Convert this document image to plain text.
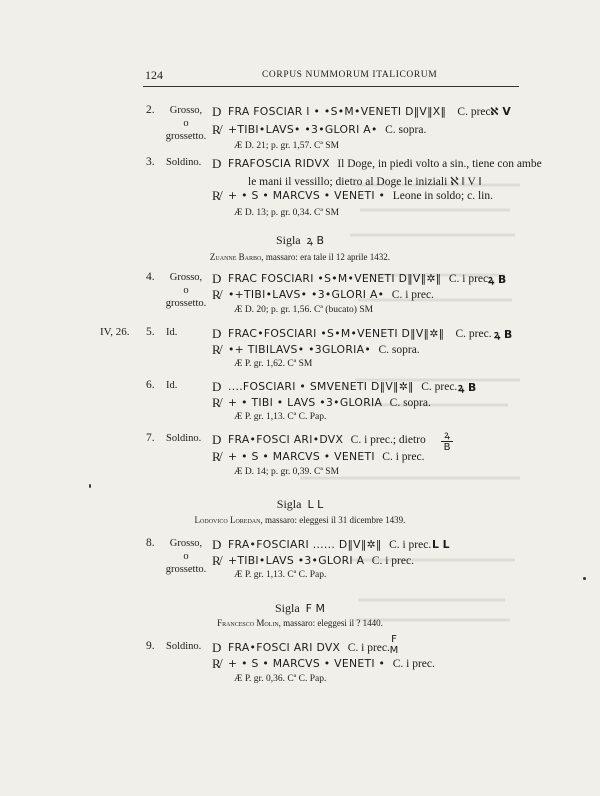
124	CORPUS NUMMORUM ITALICORUM
2.	Grosso,
o grossetto.
D FRA FOSCIAR I • •S•M•VENETI D‖V‖X‖ C. prec.
ℵ V
R̸ +TIBI•LAVS• •3•GLORI A• C. sopra.
Æ D. 21; p. gr. 1,57. Cª SM
3. Soldino. D FRAFOSCIA RIDVX Il Doge, in piedi volto a sin., tiene con ambe
le mani il vessillo; dietro al Doge le iniziali ℵ ‖ V ‖
R̸ + • S • MARCVS • VENETI • Leone in soldo; c. lin.
Æ D. 13; p. gr. 0,34. Cª SM
Sigla ꝝ B
Zuanne Barbo, massaro: era tale il 12 aprile 1432.
4.	Grosso,
o grossetto.
D FRAC FOSCIARI •S•M•VENETI D‖V‖✲‖ C. i prec.
ꝝ B
R̸ •+TIBI•LAVS• •3•GLORI A• C. i prec.
Æ D. 20; p. gr. 1,56. Cª (bucato) SM
IV, 26. 5. Id.	D FRAC•FOSCIARI •S•M•VENETI D‖V‖✲‖ C. prec. ꝝ B
R̸ •+ TIBILAVS• •3GLORIA• C. sopra.
Æ P. gr. 1,62. Cª SM
6. Id.	D ....FOSCIARI • SMVENETI D‖V‖✲‖ C. prec. ꝝ B
R̸ + • TIBI • LAVS •3•GLORIA C. sopra.
Æ P. gr. 1,13. Cª C. Pap.
7. Soldino. D FRA•FOSCI ARI•DVX C. i prec.; dietro	ꝝ
B
R̸ + • S • MARCVS • VENETI C. i prec.
Æ D. 14; p. gr. 0,39. Cª SM
Sigla L L
Lodovico Loredan, massaro: eleggesi il 31 dicembre 1439.
8.	Grosso,
o grossetto.
D FRA•FOSCIARI ...... D‖V‖✲‖ C. i prec. L L
R̸ +TIBI•LAVS •3•GLORI A C. i prec.
Æ P. gr. 1,13. Cª C. Pap.
Sigla F M
Francesco Molin, massaro: eleggesi il ? 1440.
9. Soldino. D FRA•FOSCI ARI DVX C. i prec.
F
M
R̸ + • S • MARCVS • VENETI • C. i prec.
Æ P. gr. 0,36. Cª C. Pap.
